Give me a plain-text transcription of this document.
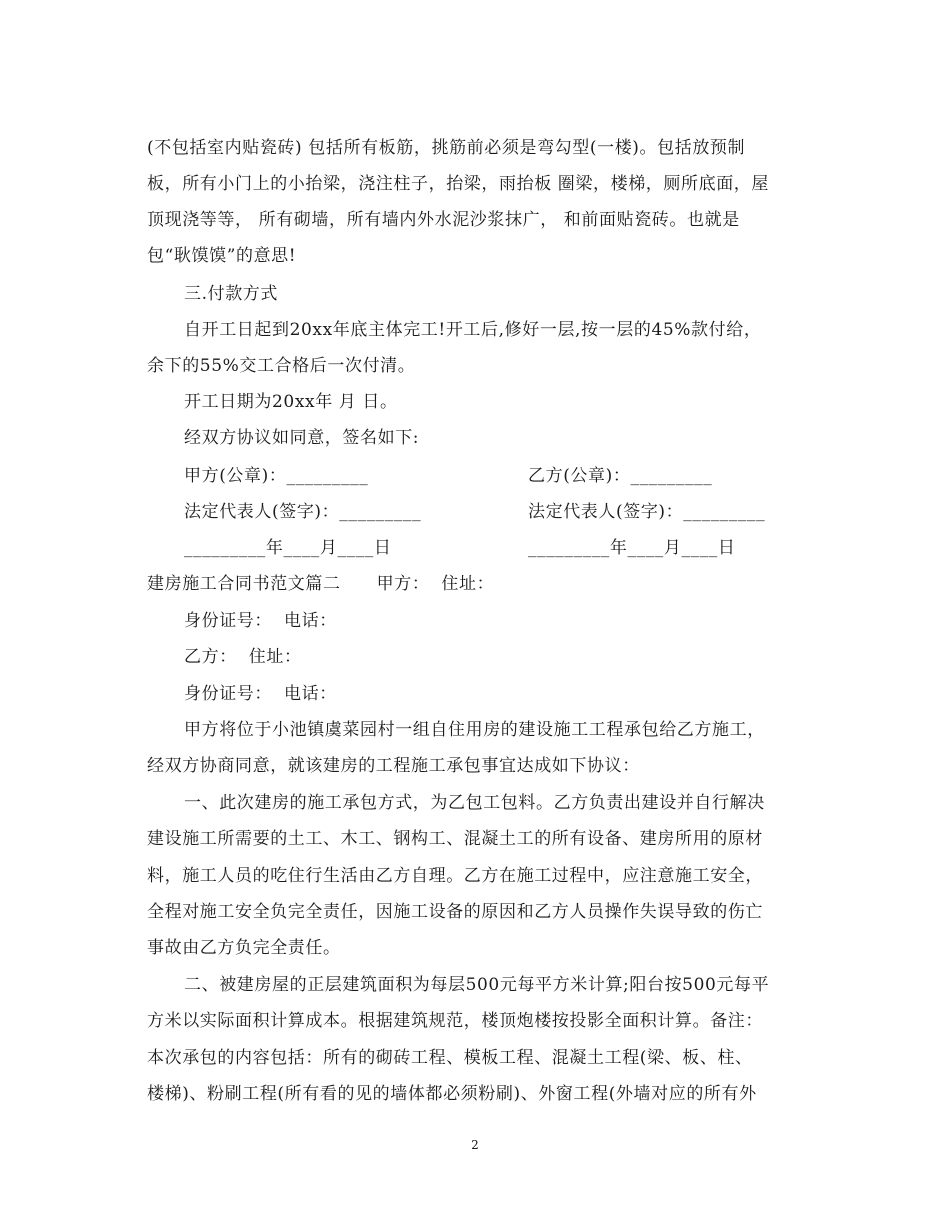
(不包括室内贴瓷砖) 包括所有板筋，挑筋前必须是弯勾型(一楼)。包括放预制
板，所有小门上的小抬梁，浇注柱子，抬梁，雨抬板 圈梁，楼梯，厕所底面，屋
顶现浇等等， 所有砌墙，所有墙内外水泥沙浆抹广， 和前面贴瓷砖。也就是
包“耿馍馍”的意思!
三.付款方式
自开工日起到20xx年底主体完工!开工后,修好一层,按一层的45%款付给，
余下的55%交工合格后一次付清。
开工日期为20xx年 月 日。
经双方协议如同意，签名如下:
甲方(公章)：_________	乙方(公章)：_________
法定代表人(签字)：_________	法定代表人(签字)：_________
_________年____月____日	_________年____月____日
建房施工合同书范文篇二      甲方：  住址：
身份证号：  电话：
乙方：  住址：
身份证号：  电话：
甲方将位于小池镇虞菜园村一组自住用房的建设施工工程承包给乙方施工，
经双方协商同意，就该建房的工程施工承包事宜达成如下协议：
一、此次建房的施工承包方式，为乙包工包料。乙方负责出建设并自行解决
建设施工所需要的土工、木工、钢构工、混凝土工的所有设备、建房所用的原材
料，施工人员的吃住行生活由乙方自理。乙方在施工过程中，应注意施工安全，
全程对施工安全负完全责任，因施工设备的原因和乙方人员操作失误导致的伤亡
事故由乙方负完全责任。
二、被建房屋的正层建筑面积为每层500元每平方米计算;阳台按500元每平
方米以实际面积计算成本。根据建筑规范，楼顶炮楼按投影全面积计算。备注：
本次承包的内容包括：所有的砌砖工程、模板工程、混凝土工程(梁、板、柱、
楼梯)、粉刷工程(所有看的见的墙体都必须粉刷)、外窗工程(外墙对应的所有外
2
